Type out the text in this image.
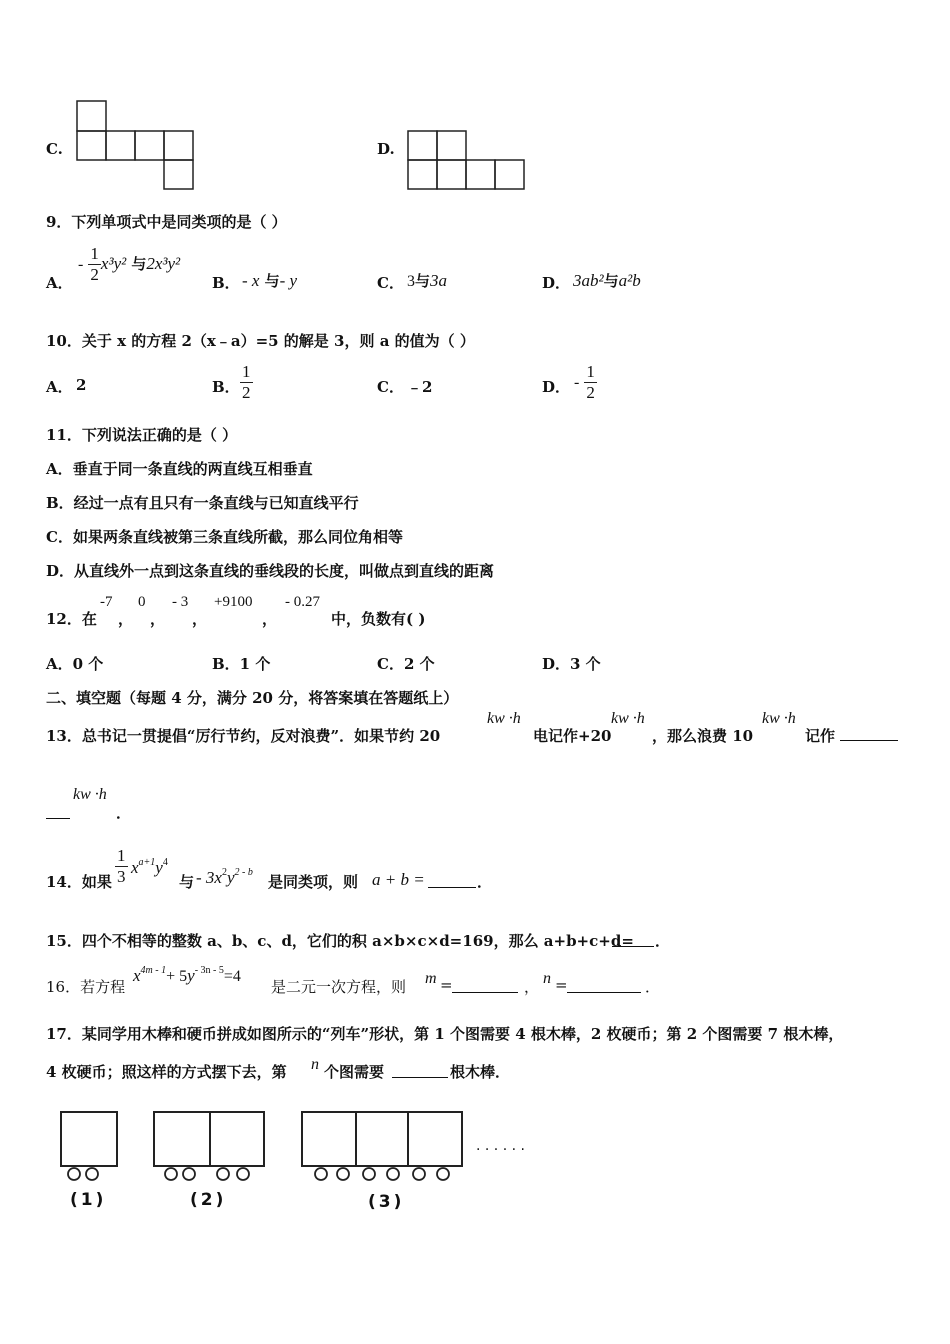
C.	D.
9．下列单项式中是同类项的是（ ）
A．
- $\frac{1}{2} x^3y^2$ 与2x³y²
B． - x 与- y	C． 3与3a	D． 3ab²与a²b
10．关于 x 的方程 2（x﹣a）=5 的解是 3，则 a 的值为（ ）
A． 2	B． $\frac{1}{2}$	C． ﹣2	D． - $\frac{1}{2}$
11．下列说法正确的是（ ）
A．垂直于同一条直线的两直线互相垂直
B．经过一点有且只有一条直线与已知直线平行
C．如果两条直线被第三条直线所截，那么同位角相等
D．从直线外一点到这条直线的垂线段的长度，叫做点到直线的距离
12．在
-7
，
0
，
- 3
，
+9100
，
- 0.27
中，负数有( )
A．0 个	B．1 个	C．2 个	D．3 个
二、填空题（每题 4 分，满分 20 分，将答案填在答题纸上）
13．总书记一贯提倡“厉行节约，反对浪费”．如果节约 20
kw ·h
电记作+20
kw ·h
，那么浪费 10
kw ·h
记作
kw ·h
．
14．如果 $\frac{1}{3} x^{a+1}y^4$
与 - $3x^2y^{2 - b}$
是同类项，则 a + b =	．
15．四个不相等的整数 a、b、c、d，它们的积 a×b×c×d=169，那么 a+b+c+d= ．
16．若方程
$x^{4m - 1}+ 5y^{- 3n - 5}=4$
是二元一次方程，则 m =	， n =	．
17．某同学用木棒和硬币拼成如图所示的“列车”形状，第 1 个图需要 4 根木棒，2 枚硬币；第 2 个图需要 7 根木棒，
4 枚硬币；照这样的方式摆下去，第 n 个图需要	根木棒．
(1)	(2)	(3)
· · · · · ·
